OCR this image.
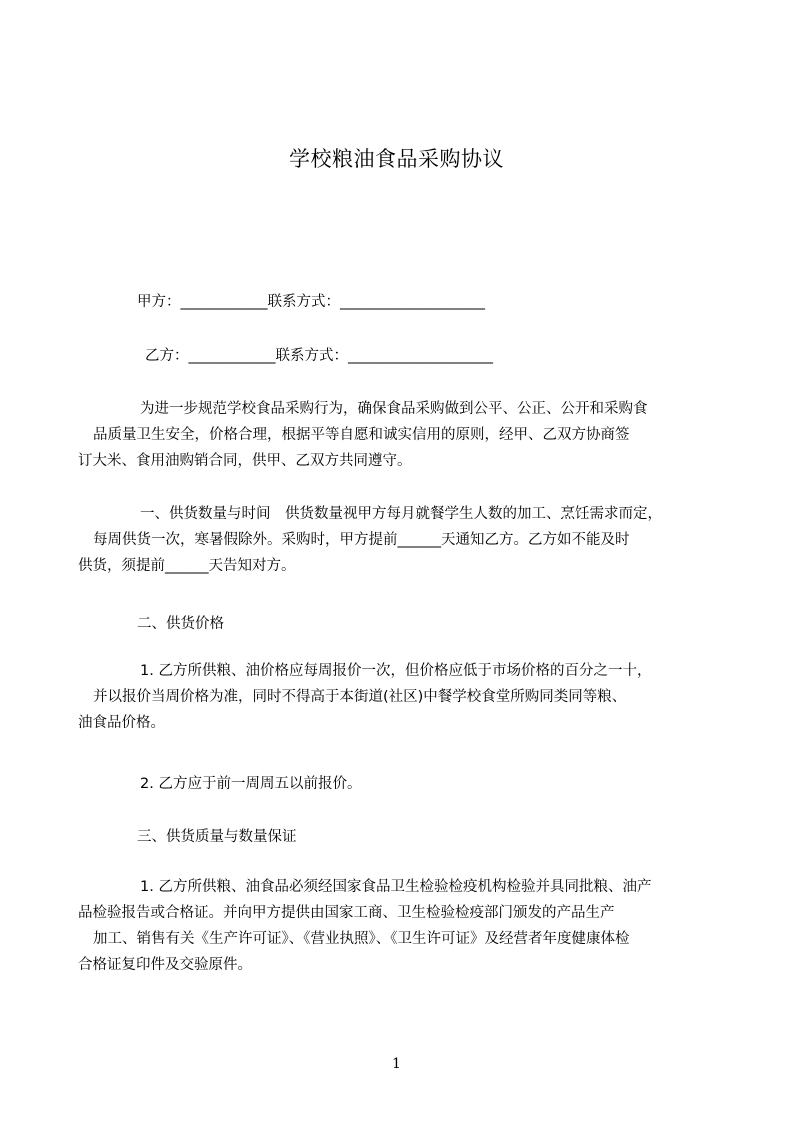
学校粮油食品采购协议
甲方：____________联系方式：____________________
乙方：____________联系方式：____________________
为进一步规范学校食品采购行为，确保食品采购做到公平、公正、公开和采购食
品质量卫生安全，价格合理，根据平等自愿和诚实信用的原则，经甲、乙双方协商签
订大米、食用油购销合同，供甲、乙双方共同遵守。
一、供货数量与时间　供货数量视甲方每月就餐学生人数的加工、烹饪需求而定，
每周供货一次，寒暑假除外。采购时，甲方提前______天通知乙方。乙方如不能及时
供货，须提前______天告知对方。
二、供货价格
1. 乙方所供粮、油价格应每周报价一次，但价格应低于市场价格的百分之一十，
并以报价当周价格为准，同时不得高于本街道(社区)中餐学校食堂所购同类同等粮、
油食品价格。
2. 乙方应于前一周周五以前报价。
三、供货质量与数量保证
1. 乙方所供粮、油食品必须经国家食品卫生检验检疫机构检验并具同批粮、油产
品检验报告或合格证。并向甲方提供由国家工商、卫生检验检疫部门颁发的产品生产
加工、销售有关《生产许可证》、《营业执照》、《卫生许可证》及经营者年度健康体检
合格证复印件及交验原件。
1
